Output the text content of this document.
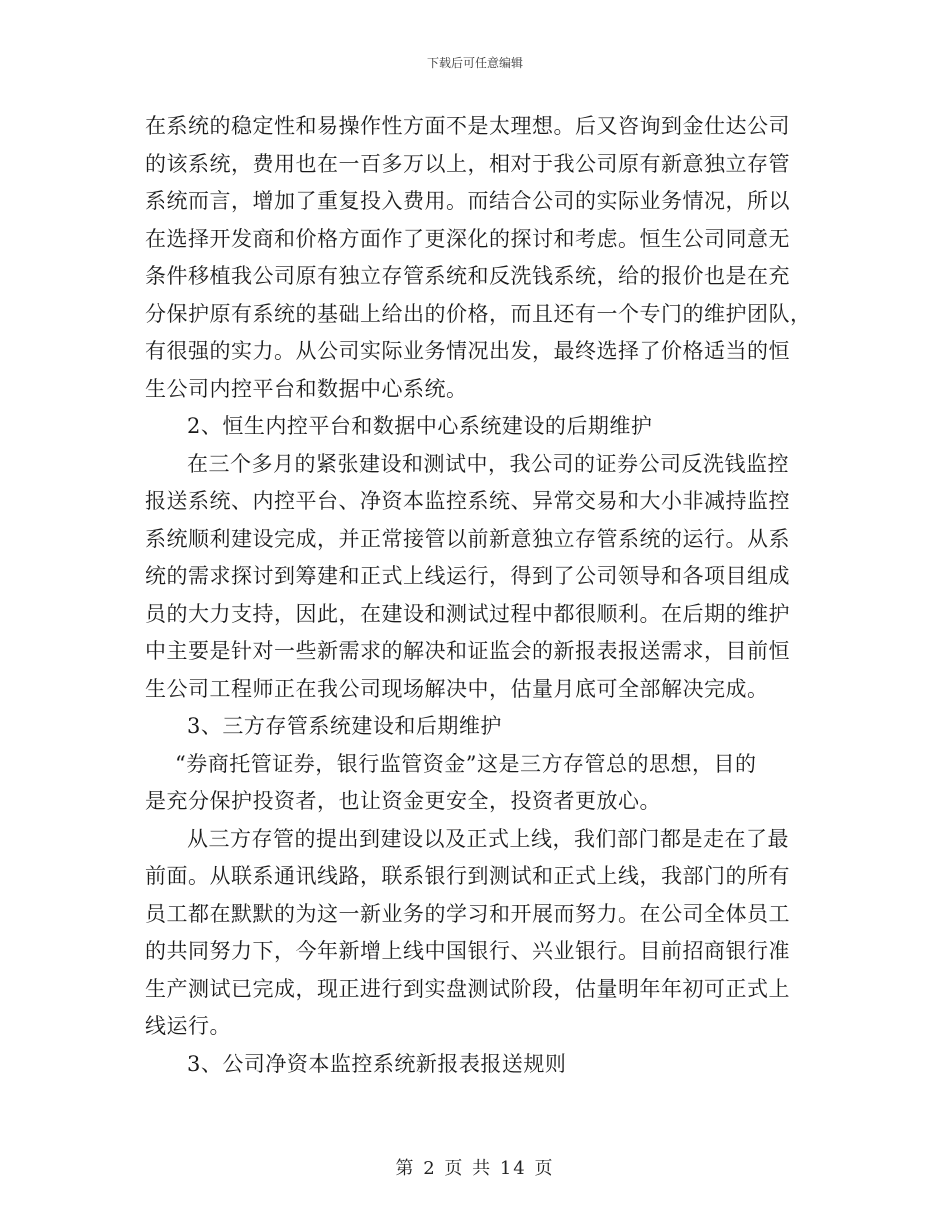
下载后可任意编辑
在系统的稳定性和易操作性方面不是太理想。后又咨询到金仕达公司
的该系统，费用也在一百多万以上，相对于我公司原有新意独立存管
系统而言，增加了重复投入费用。而结合公司的实际业务情况，所以
在选择开发商和价格方面作了更深化的探讨和考虑。恒生公司同意无
条件移植我公司原有独立存管系统和反洗钱系统，给的报价也是在充
分保护原有系统的基础上给出的价格，而且还有一个专门的维护团队，
有很强的实力。从公司实际业务情况出发，最终选择了价格适当的恒
生公司内控平台和数据中心系统。
2、恒生内控平台和数据中心系统建设的后期维护
在三个多月的紧张建设和测试中，我公司的证券公司反洗钱监控
报送系统、内控平台、净资本监控系统、异常交易和大小非减持监控
系统顺利建设完成，并正常接管以前新意独立存管系统的运行。从系
统的需求探讨到筹建和正式上线运行，得到了公司领导和各项目组成
员的大力支持，因此，在建设和测试过程中都很顺利。在后期的维护
中主要是针对一些新需求的解决和证监会的新报表报送需求，目前恒
生公司工程师正在我公司现场解决中，估量月底可全部解决完成。
3、三方存管系统建设和后期维护
“券商托管证券，银行监管资金”这是三方存管总的思想，目的
是充分保护投资者，也让资金更安全，投资者更放心。
从三方存管的提出到建设以及正式上线，我们部门都是走在了最
前面。从联系通讯线路，联系银行到测试和正式上线，我部门的所有
员工都在默默的为这一新业务的学习和开展而努力。在公司全体员工
的共同努力下，今年新增上线中国银行、兴业银行。目前招商银行准
生产测试已完成，现正进行到实盘测试阶段，估量明年年初可正式上
线运行。
3、公司净资本监控系统新报表报送规则
第 2 页 共 14 页
